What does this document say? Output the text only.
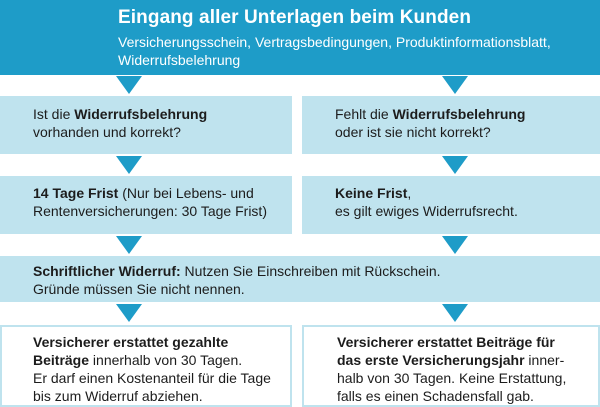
Eingang aller Unterlagen beim Kunden
Versicherungsschein, Vertragsbedingungen, Produktinformationsblatt, Widerrufsbelehrung
Ist die Widerrufsbelehrung
vorhanden und korrekt?
Fehlt die Widerrufsbelehrung
oder ist sie nicht korrekt?
14 Tage Frist (Nur bei Lebens- und
Rentenversicherungen: 30 Tage Frist)
Keine Frist,
es gilt ewiges Widerrufsrecht.
Schriftlicher Widerruf: Nutzen Sie Einschreiben mit Rückschein.
Gründe müssen Sie nicht nennen.
Versicherer erstattet gezahlte
Beiträge innerhalb von 30 Tagen.
Er darf einen Kostenanteil für die Tage
bis zum Widerruf abziehen.
Versicherer erstattet Beiträge für
das erste Versicherungsjahr inner-
halb von 30 Tagen. Keine Erstattung,
falls es einen Schadensfall gab.
